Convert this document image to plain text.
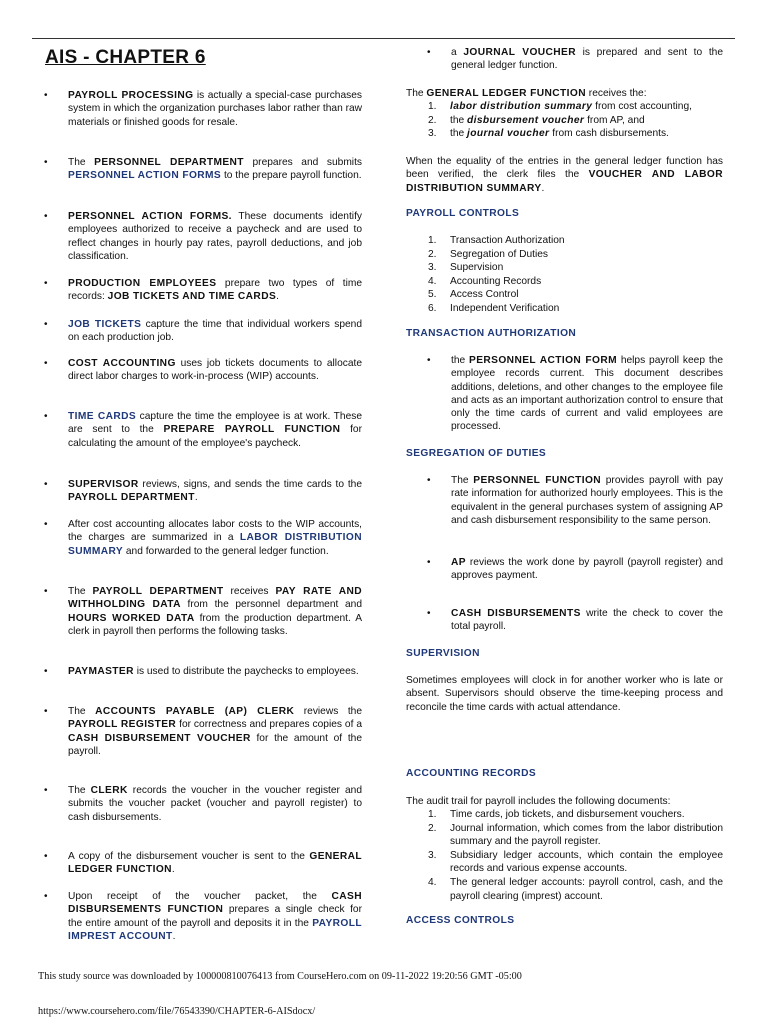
AIS - CHAPTER 6
• PAYROLL PROCESSING is actually a special-case purchases system in which the organization purchases labor rather than raw materials or finished goods for resale.
• The PERSONNEL DEPARTMENT prepares and submits PERSONNEL ACTION FORMS to the prepare payroll function.
• PERSONNEL ACTION FORMS. These documents identify employees authorized to receive a paycheck and are used to reflect changes in hourly pay rates, payroll deductions, and job classification.
• PRODUCTION EMPLOYEES prepare two types of time records: JOB TICKETS AND TIME CARDS.
• JOB TICKETS capture the time that individual workers spend on each production job.
• COST ACCOUNTING uses job tickets documents to allocate direct labor charges to work-in-process (WIP) accounts.
• TIME CARDS capture the time the employee is at work. These are sent to the PREPARE PAYROLL FUNCTION for calculating the amount of the employee's paycheck.
• SUPERVISOR reviews, signs, and sends the time cards to the PAYROLL DEPARTMENT.
• After cost accounting allocates labor costs to the WIP accounts, the charges are summarized in a LABOR DISTRIBUTION SUMMARY and forwarded to the general ledger function.
• The PAYROLL DEPARTMENT receives PAY RATE AND WITHHOLDING DATA from the personnel department and HOURS WORKED DATA from the production department. A clerk in payroll then performs the following tasks.
• PAYMASTER is used to distribute the paychecks to employees.
• The ACCOUNTS PAYABLE (AP) CLERK reviews the PAYROLL REGISTER for correctness and prepares copies of a CASH DISBURSEMENT VOUCHER for the amount of the payroll.
• The CLERK records the voucher in the voucher register and submits the voucher packet (voucher and payroll register) to cash disbursements.
• A copy of the disbursement voucher is sent to the GENERAL LEDGER FUNCTION.
• Upon receipt of the voucher packet, the CASH DISBURSEMENTS FUNCTION prepares a single check for the entire amount of the payroll and deposits it in the PAYROLL IMPREST ACCOUNT.
• a JOURNAL VOUCHER is prepared and sent to the general ledger function.
The GENERAL LEDGER FUNCTION receives the:
1. labor distribution summary from cost accounting,
2. the disbursement voucher from AP, and
3. the journal voucher from cash disbursements.
When the equality of the entries in the general ledger function has been verified, the clerk files the VOUCHER AND LABOR DISTRIBUTION SUMMARY.
PAYROLL CONTROLS
1. Transaction Authorization
2. Segregation of Duties
3. Supervision
4. Accounting Records
5. Access Control
6. Independent Verification
TRANSACTION AUTHORIZATION
• the PERSONNEL ACTION FORM helps payroll keep the employee records current. This document describes additions, deletions, and other changes to the employee file and acts as an important authorization control to ensure that only the time cards of current and valid employees are processed.
SEGREGATION OF DUTIES
• The PERSONNEL FUNCTION provides payroll with pay rate information for authorized hourly employees. This is the equivalent in the general purchases system of assigning AP and cash disbursement responsibility to the same person.
• AP reviews the work done by payroll (payroll register) and approves payment.
• CASH DISBURSEMENTS write the check to cover the total payroll.
SUPERVISION
Sometimes employees will clock in for another worker who is late or absent. Supervisors should observe the time-keeping process and reconcile the time cards with actual attendance.
ACCOUNTING RECORDS
The audit trail for payroll includes the following documents:
1. Time cards, job tickets, and disbursement vouchers.
2. Journal information, which comes from the labor distribution summary and the payroll register.
3. Subsidiary ledger accounts, which contain the employee records and various expense accounts.
4. The general ledger accounts: payroll control, cash, and the payroll clearing (imprest) account.
ACCESS CONTROLS
This study source was downloaded by 100000810076413 from CourseHero.com on 09-11-2022 19:20:56 GMT -05:00
https://www.coursehero.com/file/76543390/CHAPTER-6-AISdocx/
